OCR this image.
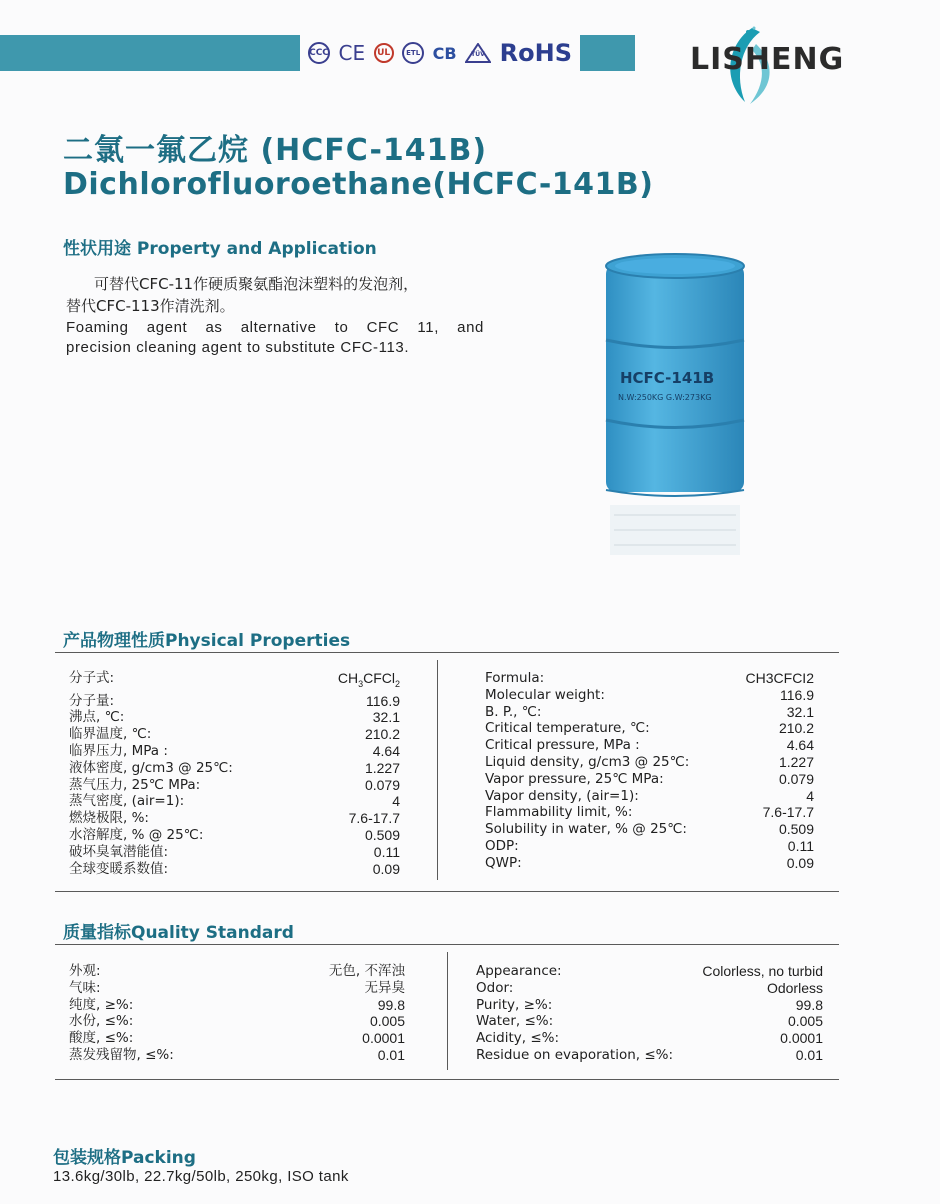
CCC CE	UL	ETL CB TÜV RoHS	LISHENG
二氯一氟乙烷 (HCFC-141B)
Dichlorofluoroethane(HCFC-141B)
性状用途 Property and Application
可替代CFC-11作硬质聚氨酯泡沫塑料的发泡剂，
替代CFC-113作清洗剂。
Foaming agent as alternative to CFC 11, and
precision cleaning agent to substitute CFC-113.
HCFC-141B
N.W:250KG G.W:273KG
产品物理性质Physical Properties
分子式:	$CH_3CFCl_2$
分子量:	116.9
沸点, ℃:	32.1
临界温度, ℃:	210.2
临界压力, MPa :	4.64
液体密度, g/cm3 @ 25℃:	1.227
蒸气压力, 25℃ MPa:	0.079
蒸气密度, (air=1):	4
燃烧极限, %:	7.6-17.7
水溶解度, % @ 25℃:	0.509
破坏臭氧潜能值:	0.11
全球变暖系数值:	0.09
Formula:	CH3CFCI2
Molecular weight:	116.9
B. P., ℃:	32.1
Critical temperature, ℃:	210.2
Critical pressure, MPa :	4.64
Liquid density, g/cm3 @ 25℃:	1.227
Vapor pressure, 25℃ MPa:	0.079
Vapor density, (air=1):	4
Flammability limit, %:	7.6-17.7
Solubility in water, % @ 25℃:	0.509
ODP:	0.11
QWP:	0.09
质量指标Quality Standard
外观:	无色, 不浑浊
气味:	无异臭
纯度, ≥%:	99.8
水份, ≤%:	0.005
酸度, ≤%:	0.0001
蒸发残留物, ≤%:	0.01
Appearance:	Colorless, no turbid
Odor:	Odorless
Purity, ≥%:	99.8
Water, ≤%:	0.005
Acidity, ≤%:	0.0001
Residue on evaporation, ≤%:	0.01
包装规格Packing
13.6kg/30lb, 22.7kg/50lb, 250kg, ISO tank
